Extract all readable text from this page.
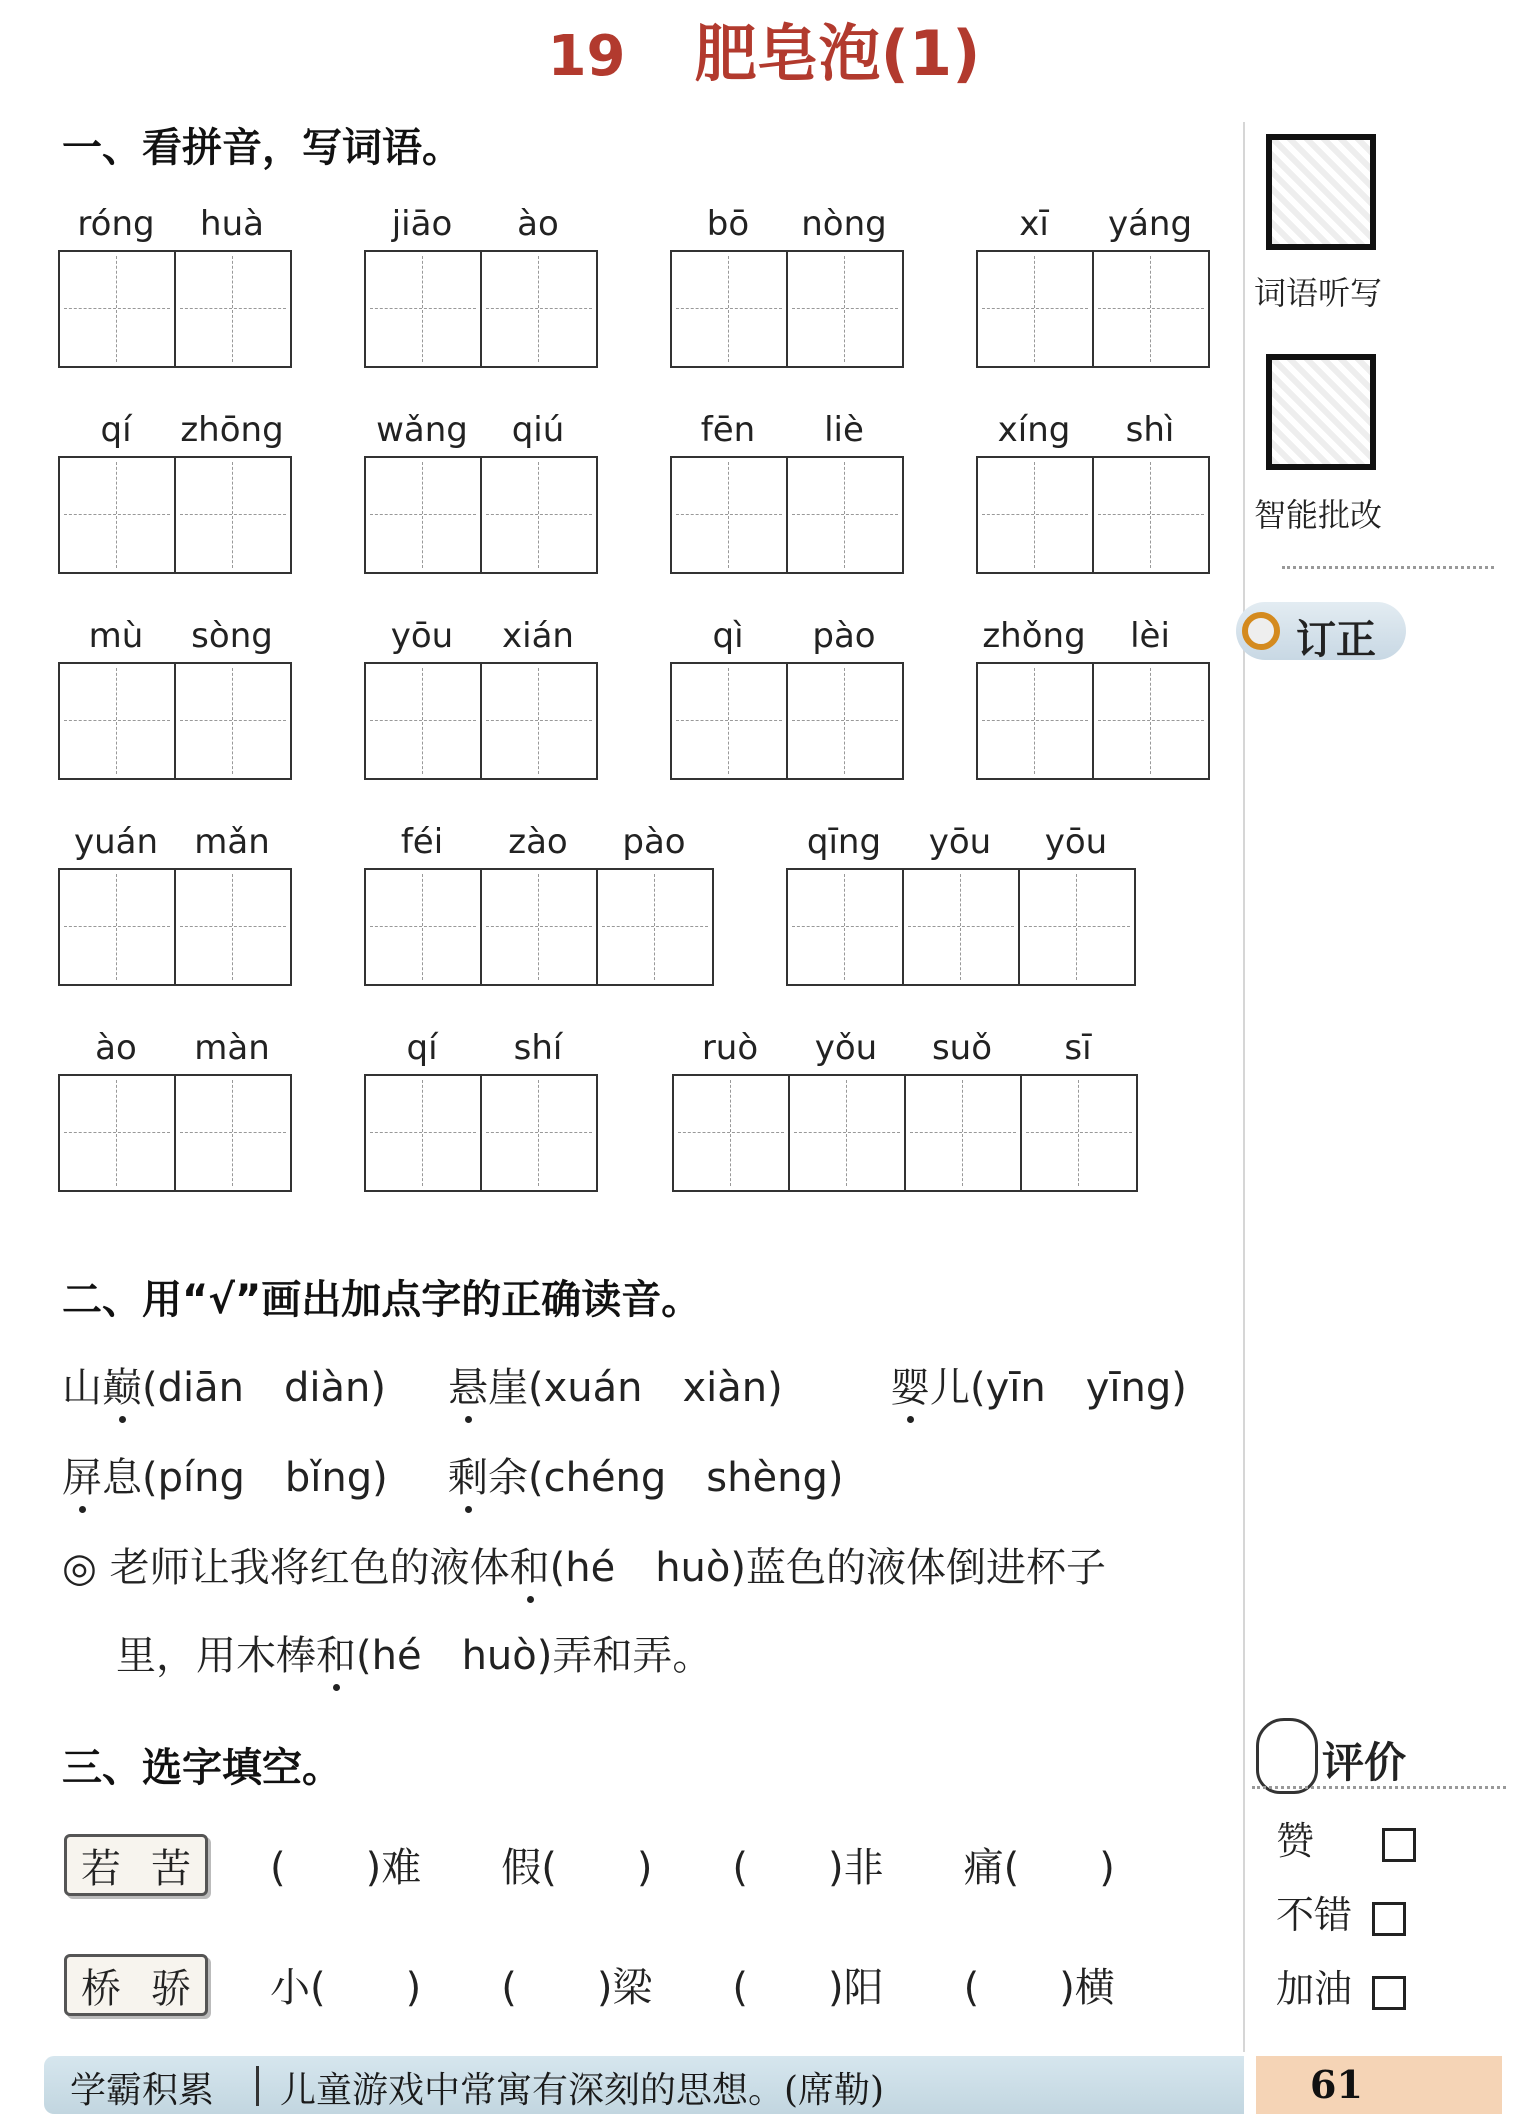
19 肥皂泡(1)
一、看拼音，写词语。
róng	huà	jiāo	ào	bō	nòng	xī	yáng
qí	zhōng	wǎng	qiú	fēn	liè	xíng	shì
mù	sòng	yōu	xián	qì	pào	zhǒng	lèi
yuán	mǎn	féi	zào	pào	qīng	yōu	yōu
ào	màn	qí	shí	ruò	yǒu	suǒ	sī
二、用“√”画出加点字的正确读音。
山巅(diān　diàn) 悬崖(xuán　xiàn)	婴儿(yīn　yīng)
屏息(píng　bǐng) 剩余(chéng　shèng)
◎ 老师让我将红色的液体和(hé　huò)蓝色的液体倒进杯子
里，用木棒和(hé　huò)弄和弄。
三、选字填空。
若 苦 (　　)难　　假(　　)　　(　　)非　　痛(　　)
桥 骄 小(　　)　　(　　)梁　　(　　)阳　　(　　)横
词语听写
智能批改
订正
评价
赞
不错
加油
学霸积累 儿童游戏中常寓有深刻的思想。(席勒)	61
